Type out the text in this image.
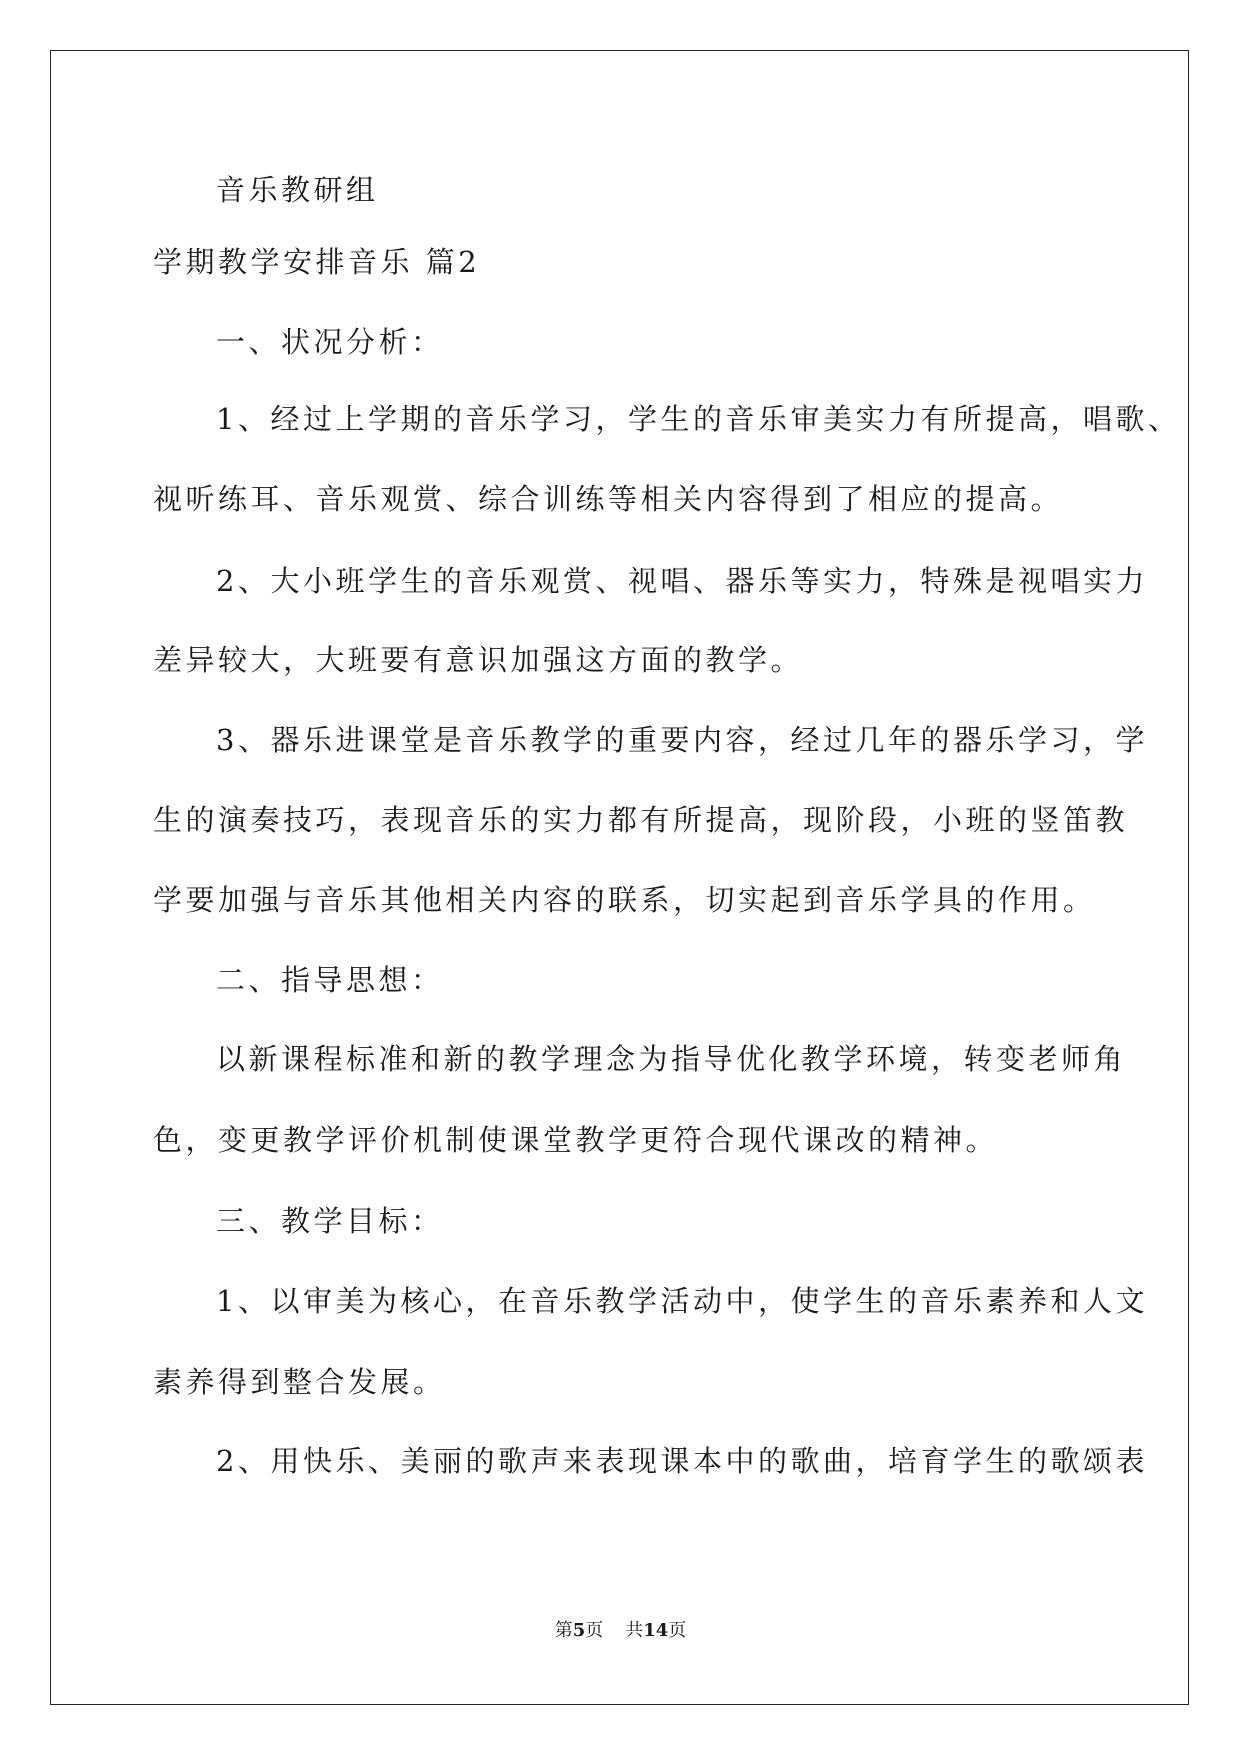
音乐教研组

学期教学安排音乐 篇2

一、状况分析：

1、经过上学期的音乐学习，学生的音乐审美实力有所提高，唱歌、

视听练耳、音乐观赏、综合训练等相关内容得到了相应的提高。

2、大小班学生的音乐观赏、视唱、器乐等实力，特殊是视唱实力

差异较大，大班要有意识加强这方面的教学。

3、器乐进课堂是音乐教学的重要内容，经过几年的器乐学习，学

生的演奏技巧，表现音乐的实力都有所提高，现阶段，小班的竖笛教

学要加强与音乐其他相关内容的联系，切实起到音乐学具的作用。

二、指导思想：

以新课程标准和新的教学理念为指导优化教学环境，转变老师角

色，变更教学评价机制使课堂教学更符合现代课改的精神。

三、教学目标：

1、以审美为核心，在音乐教学活动中，使学生的音乐素养和人文

素养得到整合发展。

2、用快乐、美丽的歌声来表现课本中的歌曲，培育学生的歌颂表

第5页 共14页
